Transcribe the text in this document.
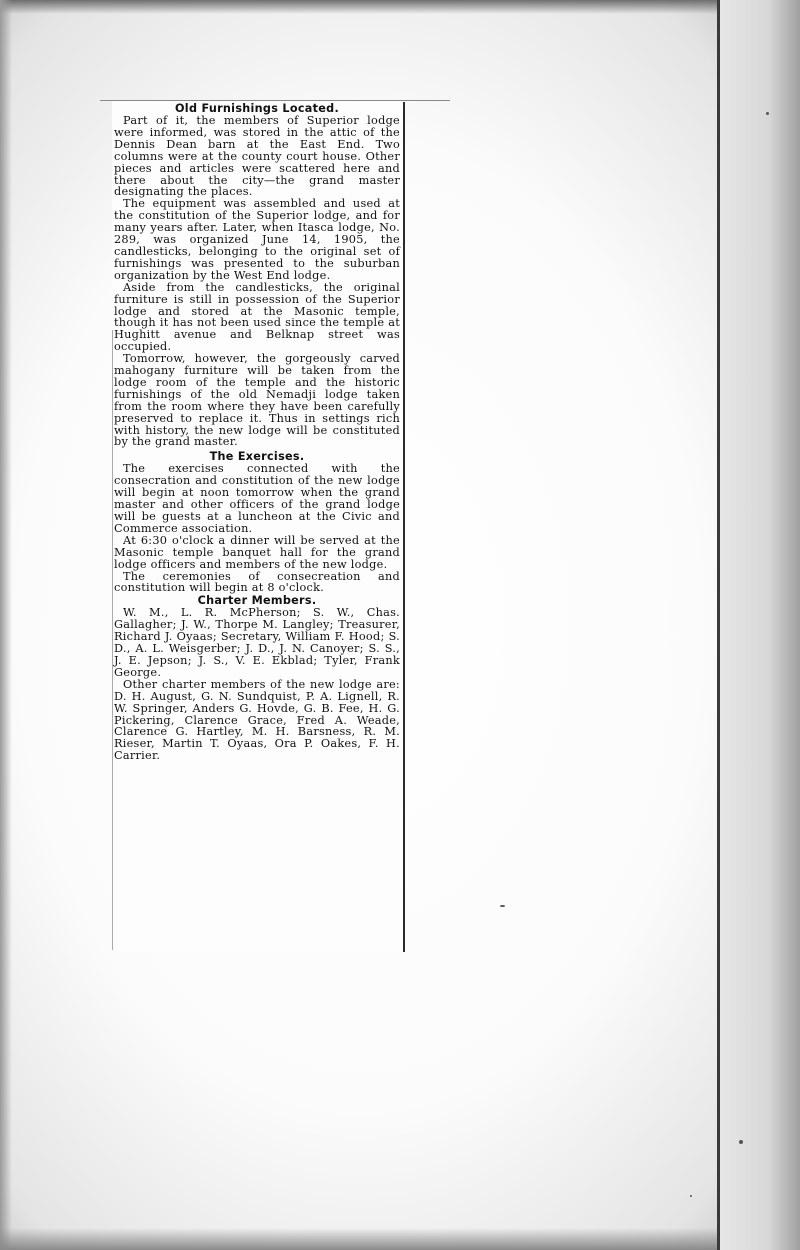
Old Furnishings Located.

Part of it, the members of Superior lodge were informed, was stored in the attic of the Dennis Dean barn at the East End. Two columns were at the county court house. Other pieces and articles were scattered here and there about the city—the grand master designating the places.

The equipment was assembled and used at the constitution of the Superior lodge, and for many years after. Later, when Itasca lodge, No. 289, was organized June 14, 1905, the candlesticks, belonging to the original set of furnishings was presented to the suburban organization by the West End lodge.

Aside from the candlesticks, the original furniture is still in possession of the Superior lodge and stored at the Masonic temple, though it has not been used since the temple at Hughitt avenue and Belknap street was occupied.

Tomorrow, however, the gorgeously carved mahogany furniture will be taken from the lodge room of the temple and the historic furnishings of the old Nemadji lodge taken from the room where they have been carefully preserved to replace it. Thus in settings rich with history, the new lodge will be constituted by the grand master.

The Exercises.

The exercises connected with the consecration and constitution of the new lodge will begin at noon tomorrow when the grand master and other officers of the grand lodge will be guests at a luncheon at the Civic and Commerce association.

At 6:30 o'clock a dinner will be served at the Masonic temple banquet hall for the grand lodge officers and members of the new lodge.

The ceremonies of consecreation and constitution will begin at 8 o'clock.

Charter Members.

W. M., L. R. McPherson; S. W., Chas. Gallagher; J. W., Thorpe M. Langley; Treasurer, Richard J. Oyaas; Secretary, William F. Hood; S. D., A. L. Weisgerber; J. D., J. N. Canoyer; S. S., J. E. Jepson; J. S., V. E. Ekblad; Tyler, Frank George.

Other charter members of the new lodge are: D. H. August, G. N. Sundquist, P. A. Lignell, R. W. Springer, Anders G. Hovde, G. B. Fee, H. G. Pickering, Clarence Grace, Fred A. Weade, Clarence G. Hartley, M. H. Barsness, R. M. Rieser, Martin T. Oyaas, Ora P. Oakes, F. H. Carrier.
